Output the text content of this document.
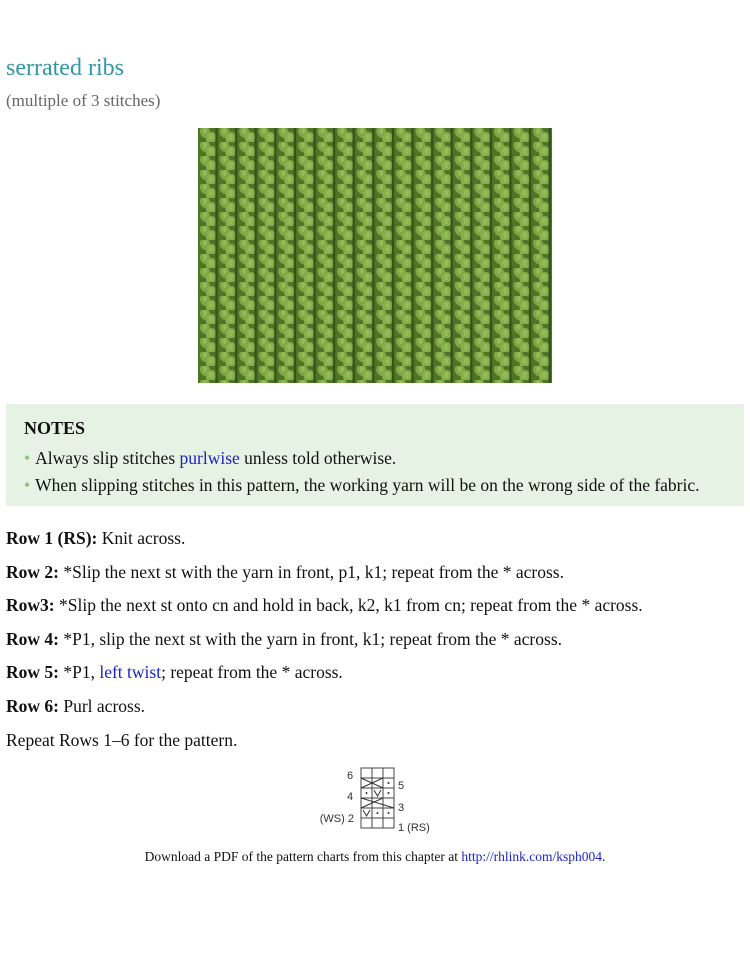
serrated ribs

(multiple of 3 stitches)

NOTES
• Always slip stitches purlwise unless told otherwise.
• When slipping stitches in this pattern, the working yarn will be on the wrong side of the fabric.

Row 1 (RS): Knit across.

Row 2: *Slip the next st with the yarn in front, p1, k1; repeat from the * across.

Row3: *Slip the next st onto cn and hold in back, k2, k1 from cn; repeat from the * across.

Row 4: *P1, slip the next st with the yarn in front, k1; repeat from the * across.

Row 5: *P1, left twist; repeat from the * across.

Row 6: Purl across.

Repeat Rows 1–6 for the pattern.

6
4
(WS) 2
5
3
1 (RS)

Download a PDF of the pattern charts from this chapter at http://rhlink.com/ksph004.
